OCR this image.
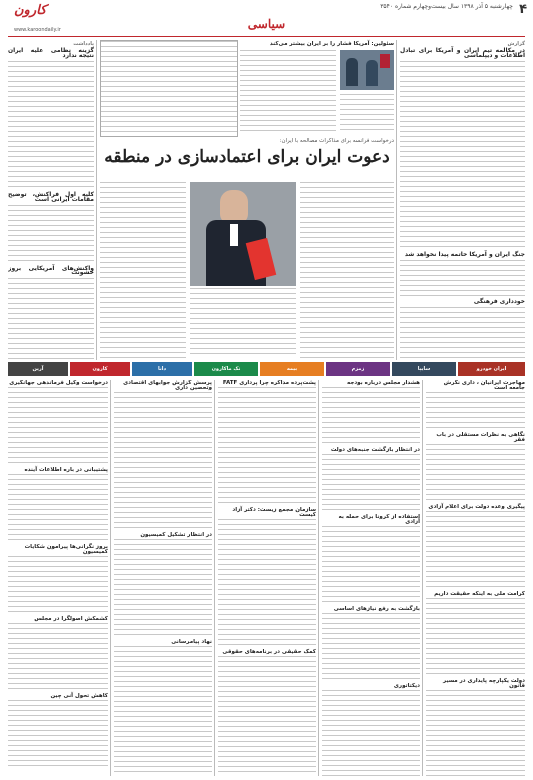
۴
چهارشنبه ۵ آذر ۱۳۹۸ سال بیست‌وچهارم شماره ۳۵۴۰
کارون
www.karoondaily.ir	سیاسی
گزارش
در مکالمه تیم ایران و آمریکا برای تبادل اطلاعات و دیپلماسی
جنگ ایران و آمریکا خاتمه پیدا نخواهد شد
خودداری فرهنگی
سئولین: آمریکا فشار را بر ایران بیشتر می‌کند
درخواست فرانسه برای مذاکرات مصالحه با ایران:
دعوت ایران برای اعتمادسازی در منطقه
یادداشت
گزینه نظامی علیه ایران نتیجه ندارد
کلیه اول فراکنش، توضیح مقامات ایرانی است
واکنش‌های آمریکایی بروز خشونت
آرین	کارون	دانا	تک ماکارون	بیمه	زمزم	سایپا	ایران خودرو
مهاجرت ایرانیان ، داری نگرش جامعه است
نگاهی به نظرات مستقلی در باب فقر
پیگیری وعده دولت برای اعلام آزادی
کرامت ملی به اینکه حقیقت داریم
دولت یکپارچه پایداری در مسیر قانون
هشدار مجلس درباره بودجه
در انتظار بازگشت جنبه‌های دولت
استفاده از کرونا برای حمله به آزادی
بازگشت به رفع نیازهای اساسی
دیکتاتوری
پشت‌پرده مذاکره چرا پرداری FATF
سازمان مجمع زیست: دکتر آزاد کیست
کمک حقیقی در برنامه‌های حقوقی
پرسش گزارش جوابهای اقتصادی وتحصین داری
در انتظار تشکیل کمیسیون
نهاد پیامرسانی
درخواست وکیل فرماندهی جهانگیری
پشتیبانی در باره اطلاعات آینده
بروز نگرانی‌ها پیرامون شکایات کمیسیون
کشمکش اصولگرا در مجلس
کاهش تحول آنی چین
